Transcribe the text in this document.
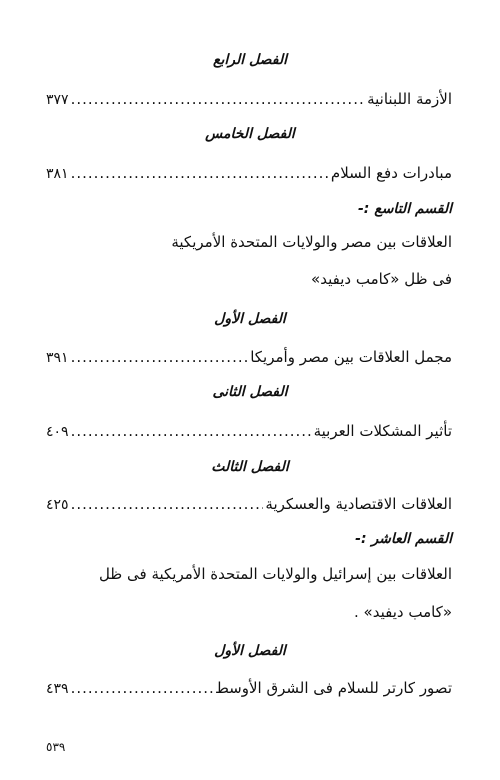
الفصل الرابع
الأزمة اللبنانية
.....
٣٧٧
الفصل الخامس
مبادرات دفع السلام
.....
٣٨١
القسم التاسع :-
العلاقات بين مصر والولايات المتحدة الأمريكية
فى ظل «كامب ديفيد»
الفصل الأول
مجمل العلاقات بين مصر وأمريكا
.....
٣٩١
الفصل الثانى
تأثير المشكلات العربية
.....
٤٠٩
الفصل الثالث
العلاقات الاقتصادية والعسكرية
.....
٤٢٥
القسم العاشر :-
العلاقات بين إسرائيل والولايات المتحدة الأمريكية فى ظل
«كامب ديفيد» .
الفصل الأول
تصور كارتر للسلام فى الشرق الأوسط
.....
٤٣٩
٥٣٩
